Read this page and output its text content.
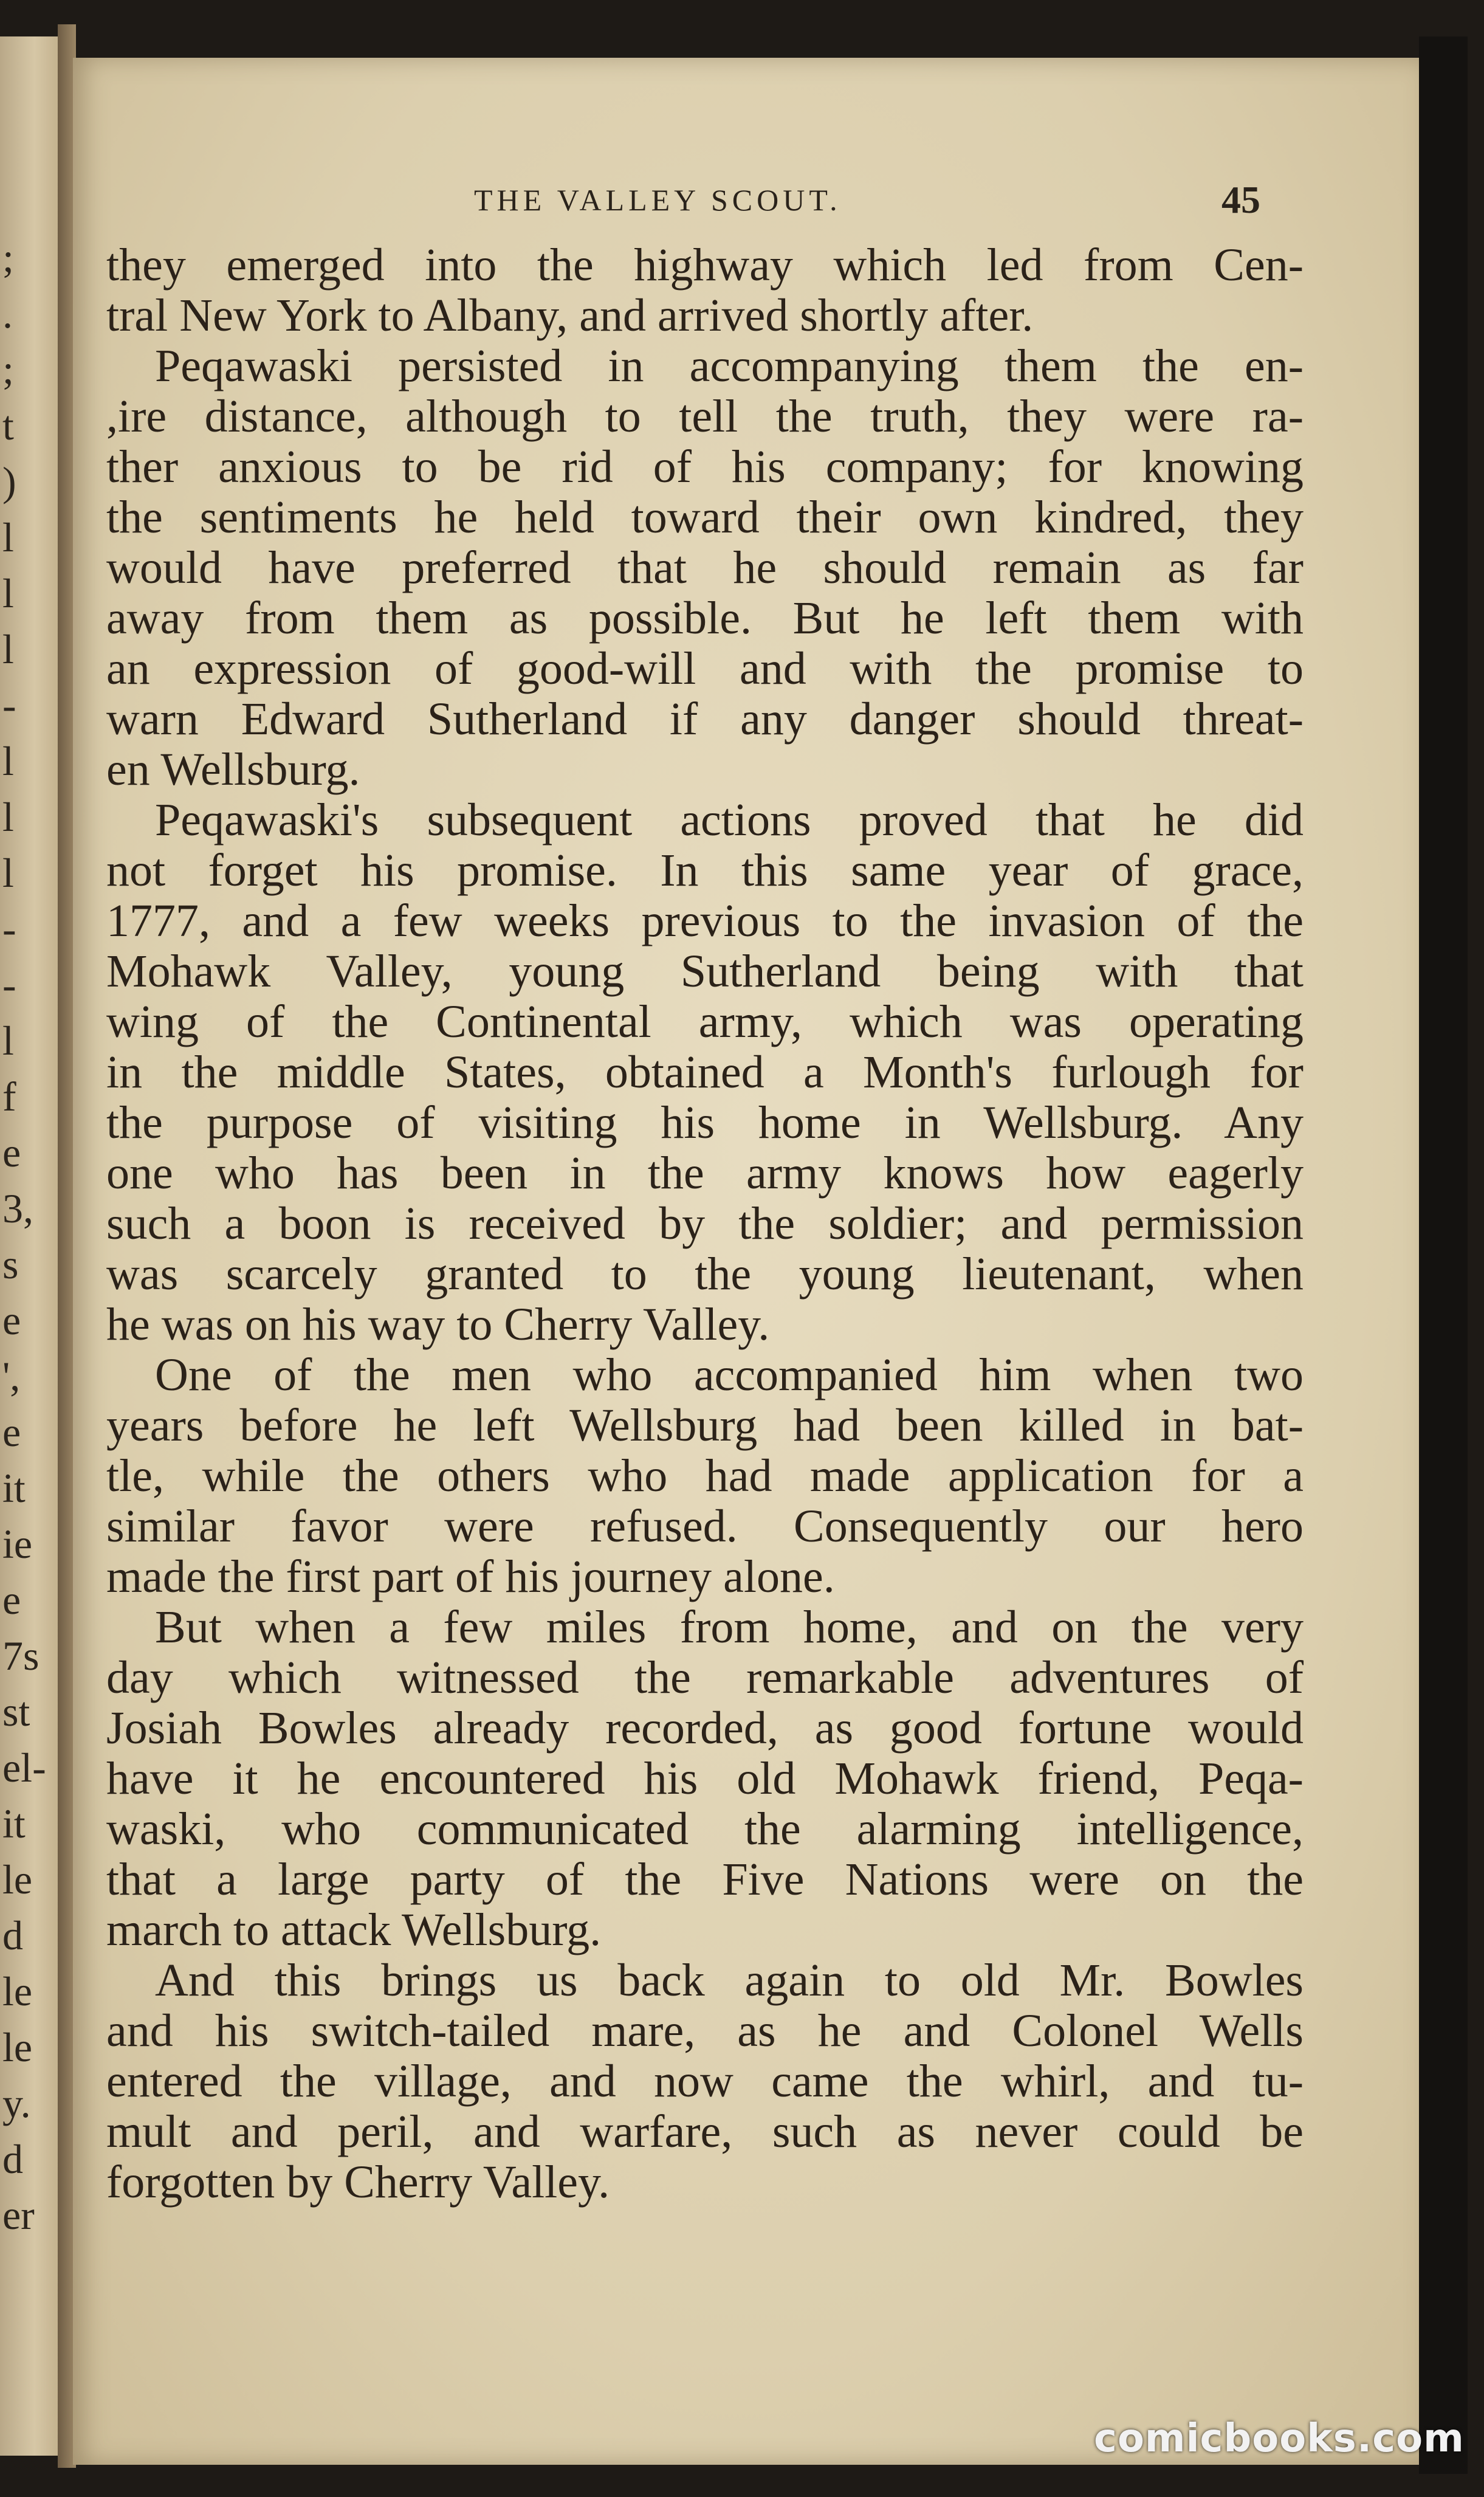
;
.
;
t
)
l
l
l
-
l
l
l
-
-
l
f
e
3,
s
e
',
e
it
ie
e
7s
st
el-
it
le
d
le
le
y.
d
er
THE VALLEY SCOUT.	45

they emerged into the highway which led from Cen-
tral New York to Albany, and arrived shortly after.

Peqawaski persisted in accompanying them the en-
,ire distance, although to tell the truth, they were ra-
ther anxious to be rid of his company; for knowing
the sentiments he held toward their own kindred, they
would have preferred that he should remain as far
away from them as possible. But he left them with
an expression of good-will and with the promise to
warn Edward Sutherland if any danger should threat-
en Wellsburg.

Peqawaski's subsequent actions proved that he did
not forget his promise. In this same year of grace,
1777, and a few weeks previous to the invasion of the
Mohawk Valley, young Sutherland being with that
wing of the Continental army, which was operating
in the middle States, obtained a Month's furlough for
the purpose of visiting his home in Wellsburg. Any
one who has been in the army knows how eagerly
such a boon is received by the soldier; and permission
was scarcely granted to the young lieutenant, when
he was on his way to Cherry Valley.

One of the men who accompanied him when two
years before he left Wellsburg had been killed in bat-
tle, while the others who had made application for a
similar favor were refused. Consequently our hero
made the first part of his journey alone.

But when a few miles from home, and on the very
day which witnessed the remarkable adventures of
Josiah Bowles already recorded, as good fortune would
have it he encountered his old Mohawk friend, Peqa-
waski, who communicated the alarming intelligence,
that a large party of the Five Nations were on the
march to attack Wellsburg.

And this brings us back again to old Mr. Bowles
and his switch-tailed mare, as he and Colonel Wells
entered the village, and now came the whirl, and tu-
mult and peril, and warfare, such as never could be
forgotten by Cherry Valley.

comicbooks.com
